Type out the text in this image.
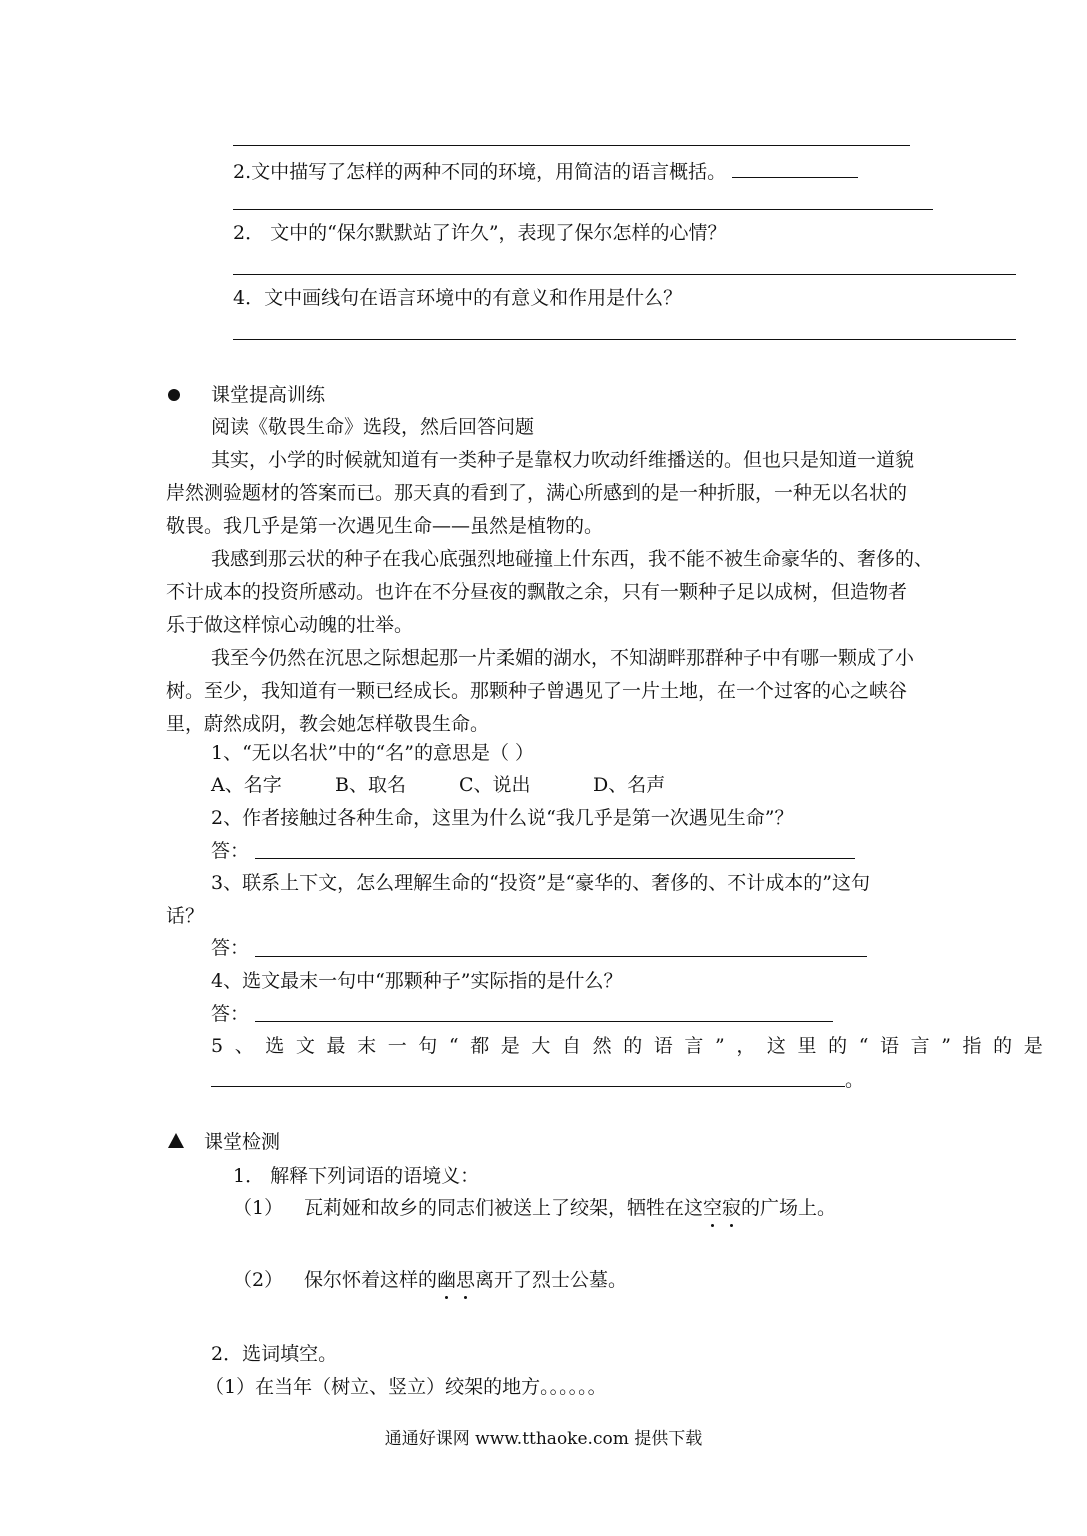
2.文中描写了怎样的两种不同的环境，用简洁的语言概括。
2． 文中的“保尔默默站了许久”，表现了保尔怎样的心情？
4．文中画线句在语言环境中的有意义和作用是什么？
课堂提高训练
阅读《敬畏生命》选段，然后回答问题
其实，小学的时候就知道有一类种子是靠权力吹动纤维播送的。但也只是知道一道貌
岸然测验题材的答案而已。那天真的看到了，满心所感到的是一种折服，一种无以名状的
敬畏。我几乎是第一次遇见生命——虽然是植物的。
我感到那云状的种子在我心底强烈地碰撞上什东西，我不能不被生命豪华的、奢侈的、
不计成本的投资所感动。也许在不分昼夜的飘散之余，只有一颗种子足以成树，但造物者
乐于做这样惊心动魄的壮举。
我至今仍然在沉思之际想起那一片柔媚的湖水，不知湖畔那群种子中有哪一颗成了小
树。至少，我知道有一颗已经成长。那颗种子曾遇见了一片土地，在一个过客的心之峡谷
里，蔚然成阴，教会她怎样敬畏生命。
1、“无以名状”中的“名”的意思是（ ）
A、名字	B、取名	C、说出	D、名声
2、作者接触过各种生命，这里为什么说“我几乎是第一次遇见生命”？
答：
3、联系上下文，怎么理解生命的“投资”是“豪华的、奢侈的、不计成本的”这句
话？
答：
4、选文最末一句中“那颗种子”实际指的是什么？
答：
5、选文最末一句“都是大自然的语言”，这里的“语言”指的是
。
课堂检测
1． 解释下列词语的语境义：
（1） 瓦莉娅和故乡的同志们被送上了绞架，牺牲在这空寂的广场上。
（2） 保尔怀着这样的幽思离开了烈士公墓。
2．选词填空。
（1）在当年（树立、竖立）绞架的地方。。。。。。
通通好课网 www.tthaoke.com 提供下载
